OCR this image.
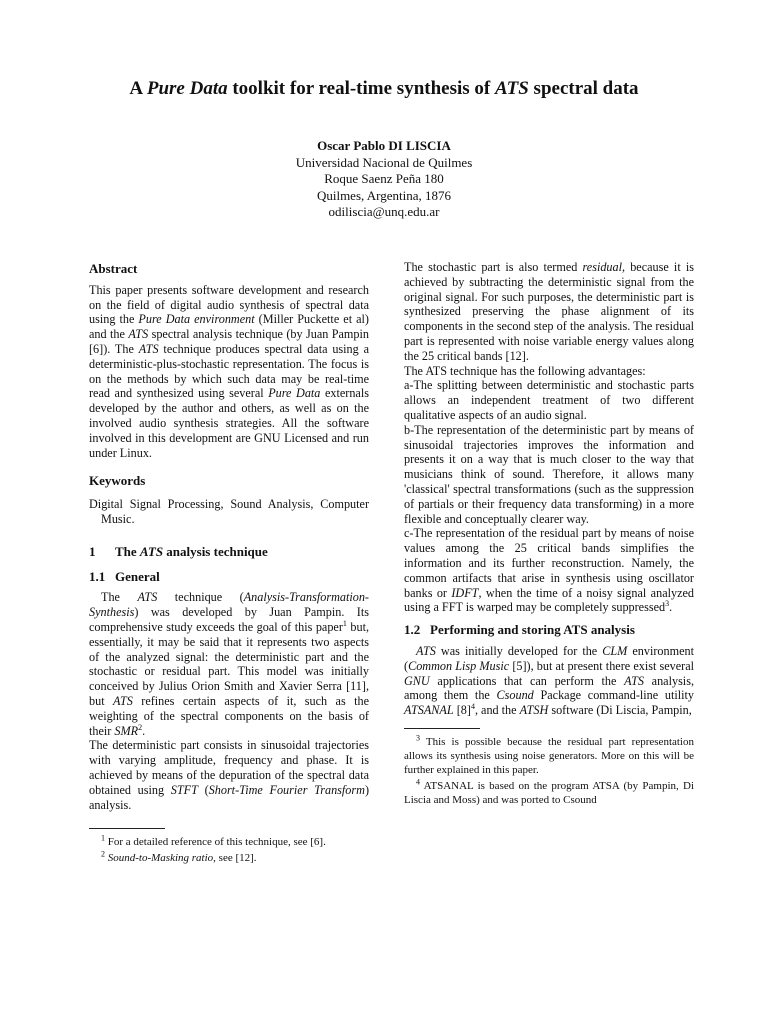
A Pure Data toolkit for real-time synthesis of ATS spectral data
Oscar Pablo DI LISCIA
Universidad Nacional de Quilmes
Roque Saenz Peña 180
Quilmes, Argentina, 1876
odiliscia@unq.edu.ar
Abstract

This paper presents software development and research on the field of digital audio synthesis of spectral data using the Pure Data environment (Miller Puckette et al) and the ATS spectral analysis technique (by Juan Pampin [6]). The ATS technique produces spectral data using a deterministic-plus-stochastic representation. The focus is on the methods by which such data may be real-time read and synthesized using several Pure Data externals developed by the author and others, as well as on the involved audio synthesis strategies. All the software involved in this development are GNU Licensed and run under Linux.

Keywords

Digital Signal Processing, Sound Analysis, Computer Music.

1 The ATS analysis technique
1.1 General

The ATS technique (Analysis-Transformation-Synthesis) was developed by Juan Pampin. Its comprehensive study exceeds the goal of this paper$^1$ but, essentially, it may be said that it represents two aspects of the analyzed signal: the deterministic part and the stochastic or residual part. This model was initially conceived by Julius Orion Smith and Xavier Serra [11], but ATS refines certain aspects of it, such as the weighting of the spectral components on the basis of their SMR$^2$.

The deterministic part consists in sinusoidal trajectories with varying amplitude, frequency and phase. It is achieved by means of the depuration of the spectral data obtained using STFT (Short-Time Fourier Transform) analysis.

$^1$ For a detailed reference of this technique, see [6].

$^2$ Sound-to-Masking ratio, see [12].

The stochastic part is also termed residual, because it is achieved by subtracting the deterministic signal from the original signal. For such purposes, the deterministic part is synthesized preserving the phase alignment of its components in the second step of the analysis. The residual part is represented with noise variable energy values along the 25 critical bands [12].

The ATS technique has the following advantages:

a-The splitting between deterministic and stochastic parts allows an independent treatment of two different qualitative aspects of an audio signal.

b-The representation of the deterministic part by means of sinusoidal trajectories improves the information and presents it on a way that is much closer to the way that musicians think of sound. Therefore, it allows many 'classical' spectral transformations (such as the suppression of partials or their frequency data transforming) in a more flexible and conceptually clearer way.

c-The representation of the residual part by means of noise values among the 25 critical bands simplifies the information and its further reconstruction. Namely, the common artifacts that arise in synthesis using oscillator banks or IDFT, when the time of a noisy signal analyzed using a FFT is warped may be completely suppressed$^3$.

1.2 Performing and storing ATS analysis

ATS was initially developed for the CLM environment (Common Lisp Music [5]), but at present there exist several GNU applications that can perform the ATS analysis, among them the Csound Package command-line utility ATSANAL $[8]^4$, and the ATSH software (Di Liscia, Pampin,

$^3$ This is possible because the residual part representation allows its synthesis using noise generators. More on this will be further explained in this paper.

$^4$ ATSANAL is based on the program ATSA (by Pampin, Di Liscia and Moss) and was ported to Csound
